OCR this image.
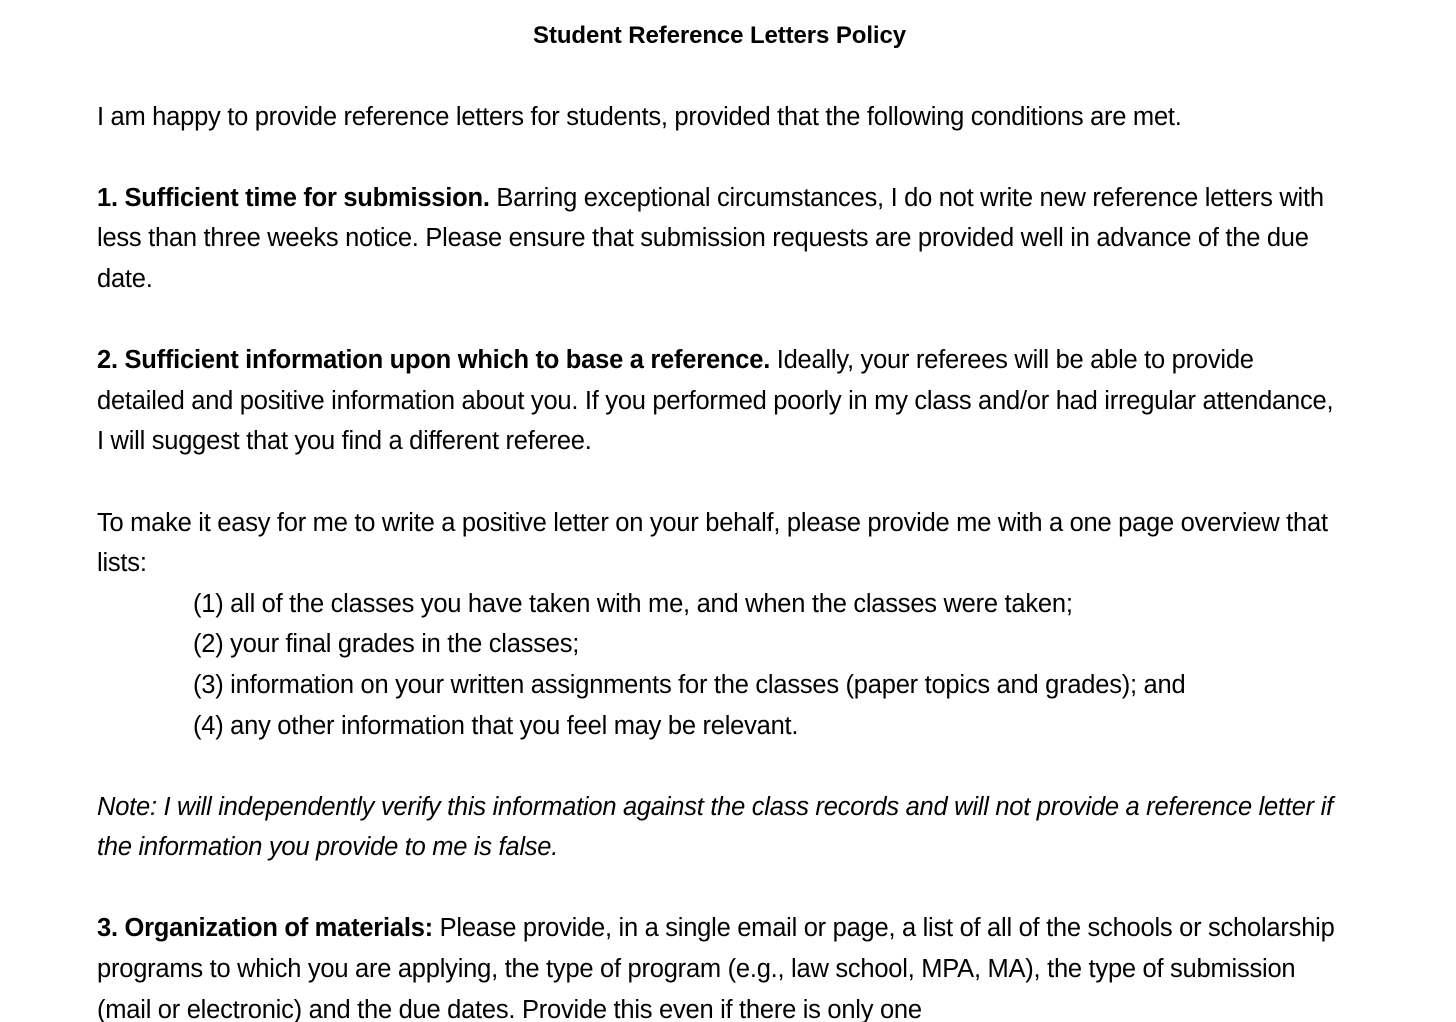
Student Reference Letters Policy

I am happy to provide reference letters for students, provided that the following conditions are met.

1. Sufficient time for submission. Barring exceptional circumstances, I do not write new reference letters with less than three weeks notice. Please ensure that submission requests are provided well in advance of the due date.

2. Sufficient information upon which to base a reference. Ideally, your referees will be able to provide detailed and positive information about you. If you performed poorly in my class and/or had irregular attendance, I will suggest that you find a different referee.

To make it easy for me to write a positive letter on your behalf, please provide me with a one page overview that lists:

(1) all of the classes you have taken with me, and when the classes were taken;

(2) your final grades in the classes;

(3) information on your written assignments for the classes (paper topics and grades); and

(4) any other information that you feel may be relevant.

Note: I will independently verify this information against the class records and will not provide a reference letter if the information you provide to me is false.

3. Organization of materials: Please provide, in a single email or page, a list of all of the schools or scholarship programs to which you are applying, the type of program (e.g., law school, MPA, MA), the type of submission (mail or electronic) and the due dates. Provide this even if there is only one
